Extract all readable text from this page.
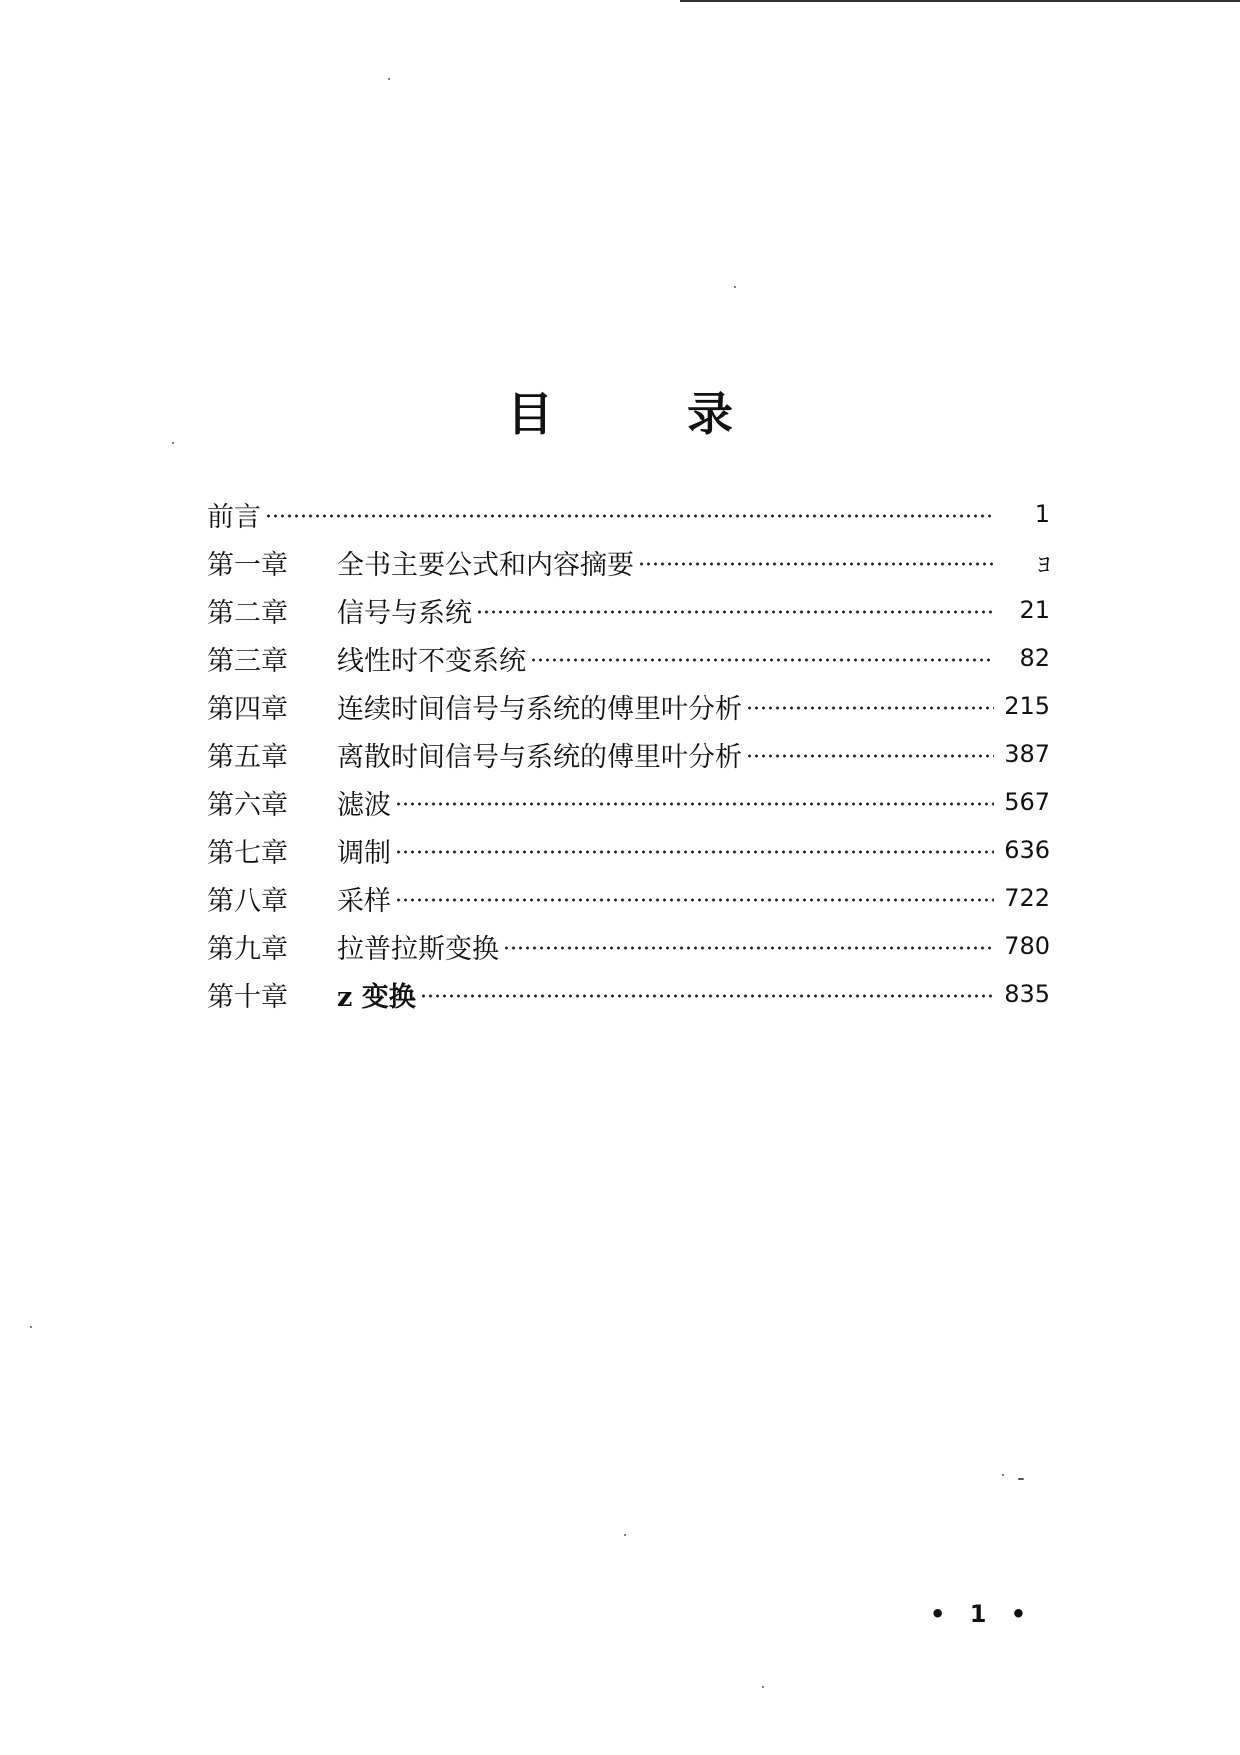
目	录
前言	1
第一章	全书主要公式和内容摘要	ﾖ
第二章	信号与系统	21
第三章	线性时不变系统	82
第四章	连续时间信号与系统的傅里叶分析	215
第五章	离散时间信号与系统的傅里叶分析	387
第六章	滤波	567
第七章	调制	636
第八章	采样	722
第九章	拉普拉斯变换	780
第十章	z 变换	835
• 1 •
